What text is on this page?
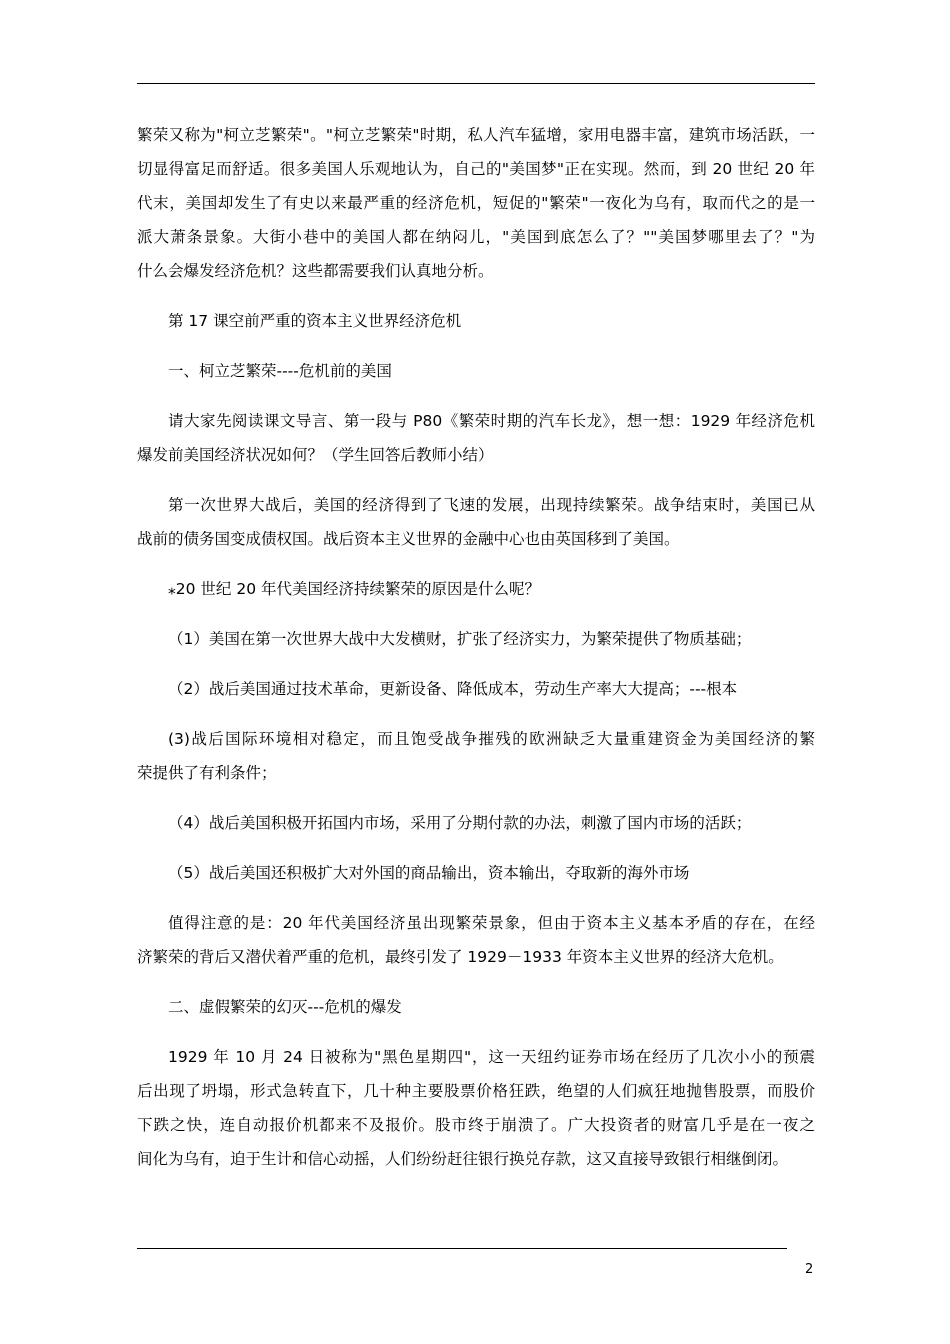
繁荣又称为"柯立芝繁荣"。"柯立芝繁荣"时期，私人汽车猛增，家用电器丰富，建筑市场活跃，一
切显得富足而舒适。很多美国人乐观地认为，自己的"美国梦"正在实现。然而，到 20 世纪 20 年
代末，美国却发生了有史以来最严重的经济危机，短促的"繁荣"一夜化为乌有，取而代之的是一
派大萧条景象。大街小巷中的美国人都在纳闷儿，"美国到底怎么了？""美国梦哪里去了？"为
什么会爆发经济危机？这些都需要我们认真地分析。

第 17 课空前严重的资本主义世界经济危机

一、柯立芝繁荣----危机前的美国

请大家先阅读课文导言、第一段与 P80《繁荣时期的汽车长龙》，想一想：1929 年经济危机
爆发前美国经济状况如何？（学生回答后教师小结）

第一次世界大战后，美国的经济得到了飞速的发展，出现持续繁荣。战争结束时，美国已从
战前的债务国变成债权国。战后资本主义世界的金融中心也由英国移到了美国。

⁎20 世纪 20 年代美国经济持续繁荣的原因是什么呢？

（1）美国在第一次世界大战中大发横财，扩张了经济实力，为繁荣提供了物质基础；

（2）战后美国通过技术革命，更新设备、降低成本，劳动生产率大大提高；---根本

(3)战后国际环境相对稳定，而且饱受战争摧残的欧洲缺乏大量重建资金为美国经济的繁
荣提供了有利条件；

（4）战后美国积极开拓国内市场，采用了分期付款的办法，刺激了国内市场的活跃；

（5）战后美国还积极扩大对外国的商品输出，资本输出，夺取新的海外市场

值得注意的是：20 年代美国经济虽出现繁荣景象，但由于资本主义基本矛盾的存在，在经
济繁荣的背后又潜伏着严重的危机，最终引发了 1929－1933 年资本主义世界的经济大危机。

二、虚假繁荣的幻灭---危机的爆发

1929 年 10 月 24 日被称为"黑色星期四"，这一天纽约证券市场在经历了几次小小的预震
后出现了坍塌，形式急转直下，几十种主要股票价格狂跌，绝望的人们疯狂地抛售股票，而股价
下跌之快，连自动报价机都来不及报价。股市终于崩溃了。广大投资者的财富几乎是在一夜之
间化为乌有，迫于生计和信心动摇，人们纷纷赶往银行换兑存款，这又直接导致银行相继倒闭。

2
